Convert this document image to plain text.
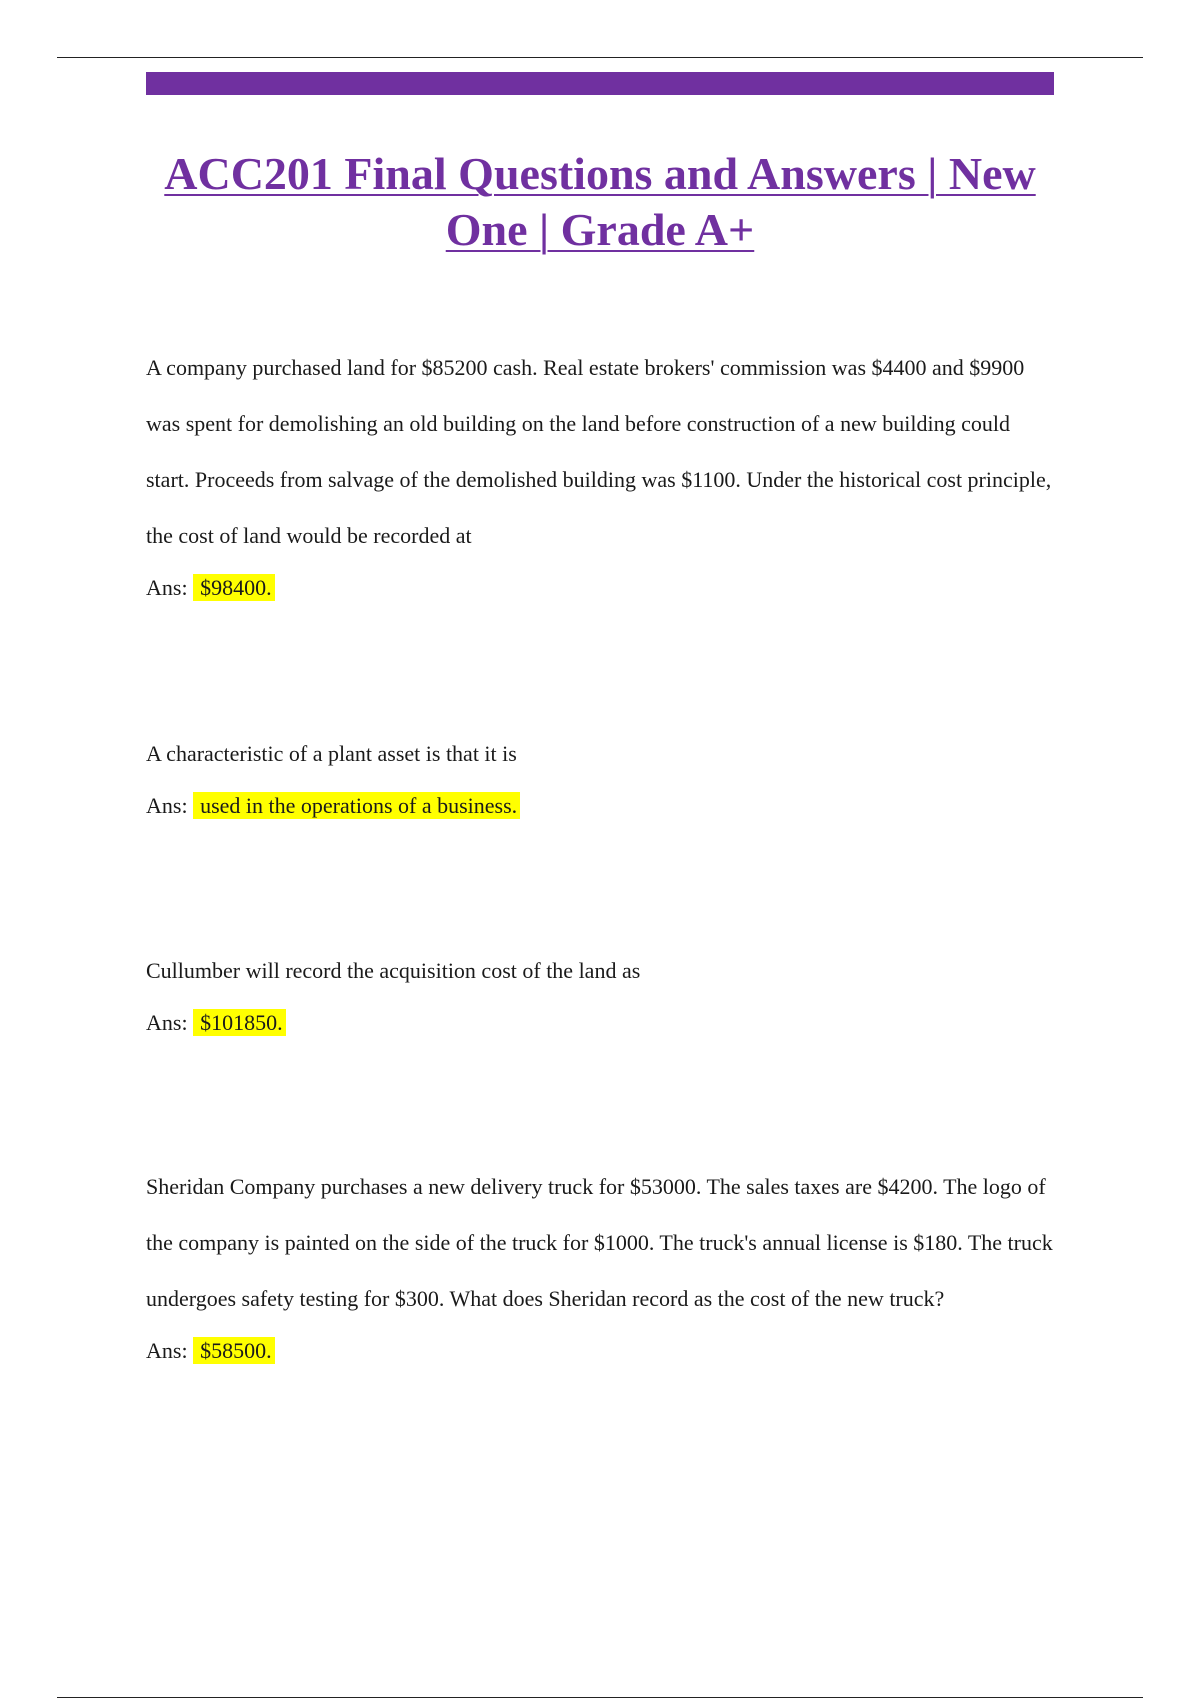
ACC201 Final Questions and Answers | New One | Grade A+

A company purchased land for $85200 cash. Real estate brokers' commission was $4400 and $9900 was spent for demolishing an old building on the land before construction of a new building could start. Proceeds from salvage of the demolished building was $1100. Under the historical cost principle, the cost of land would be recorded at

Ans: $98400.

A characteristic of a plant asset is that it is

Ans: used in the operations of a business.

Cullumber will record the acquisition cost of the land as

Ans: $101850.

Sheridan Company purchases a new delivery truck for $53000. The sales taxes are $4200. The logo of the company is painted on the side of the truck for $1000. The truck's annual license is $180. The truck undergoes safety testing for $300. What does Sheridan record as the cost of the new truck?

Ans: $58500.
